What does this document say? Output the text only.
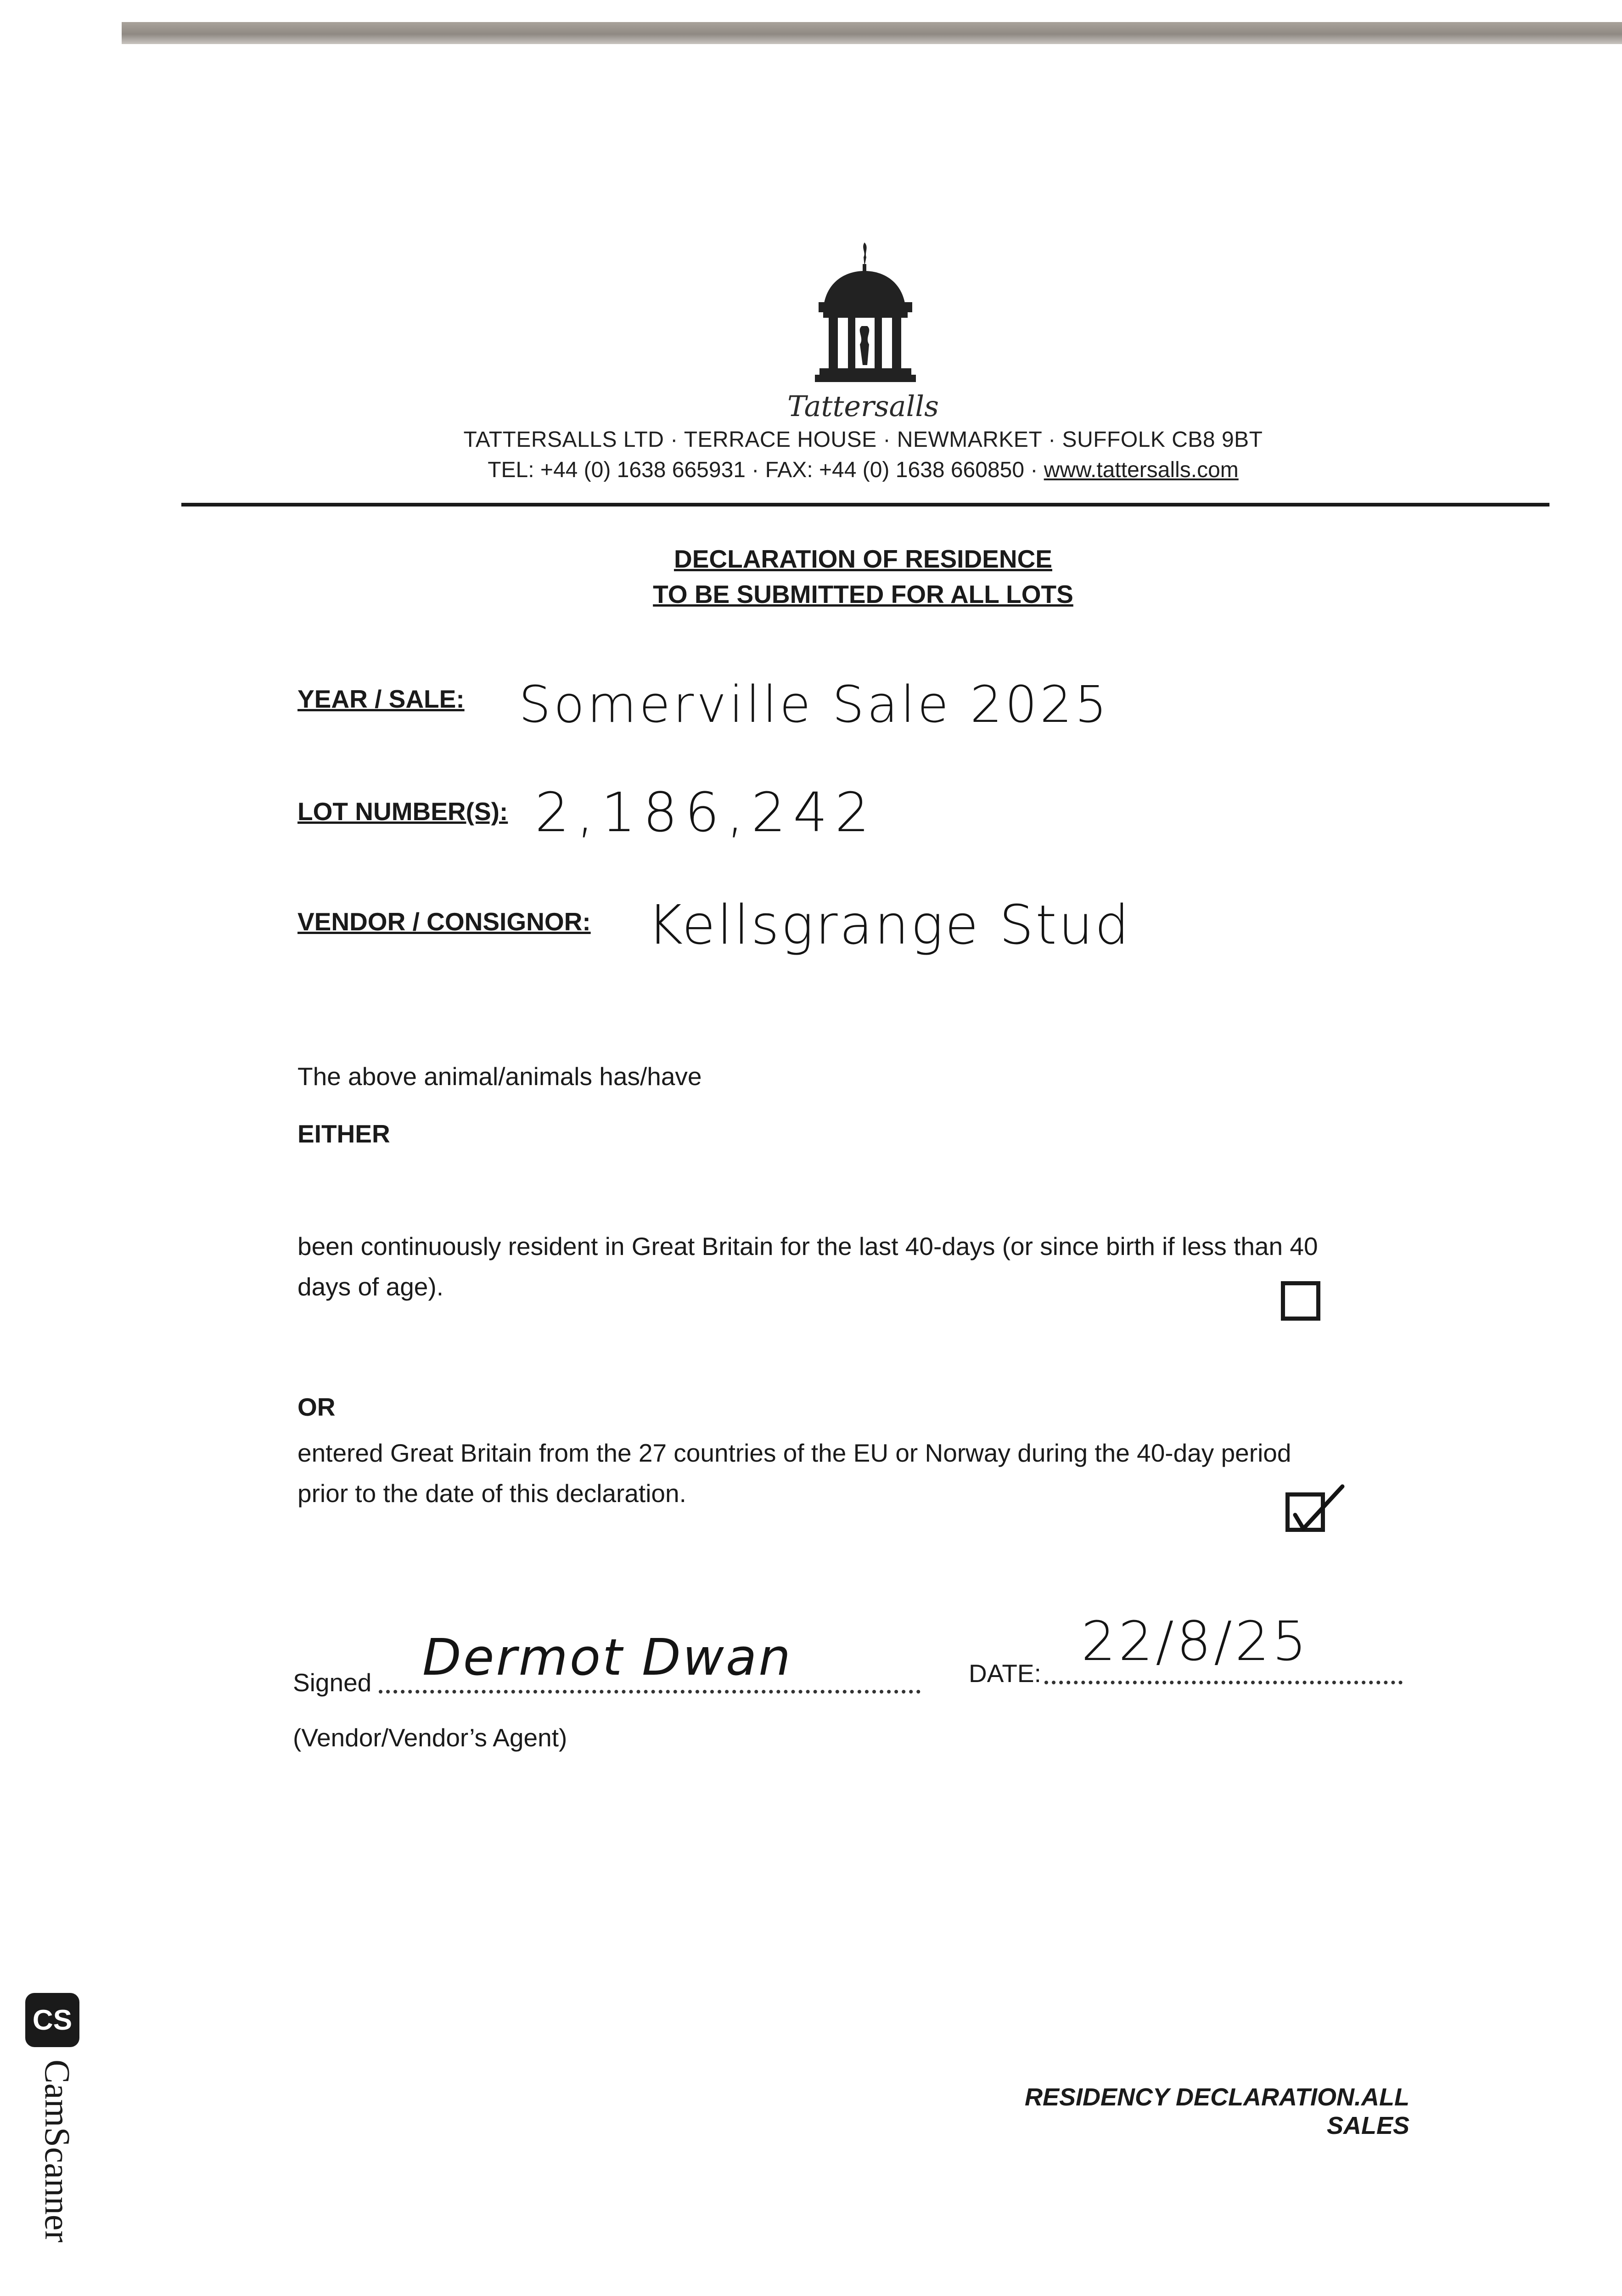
Tattersalls
TATTERSALLS LTD · TERRACE HOUSE · NEWMARKET · SUFFOLK CB8 9BT
TEL: +44 (0) 1638 665931 · FAX: +44 (0) 1638 660850 · www.tattersalls.com
DECLARATION OF RESIDENCE
TO BE SUBMITTED FOR ALL LOTS
YEAR / SALE: Somerville Sale 2025
LOT NUMBER(S): 2,186,242
VENDOR / CONSIGNOR: Kellsgrange Stud
The above animal/animals has/have
EITHER
been continuously resident in Great Britain for the last 40-days (or since birth if less than 40
days of age).
OR
entered Great Britain from the 27 countries of the EU or Norway during the 40-day period
prior to the date of this declaration.
Signed Dermot Dwan	DATE:
22/8/25
(Vendor/Vendor’s Agent)
RESIDENCY DECLARATION.ALL SALES
CS
CamScanner
